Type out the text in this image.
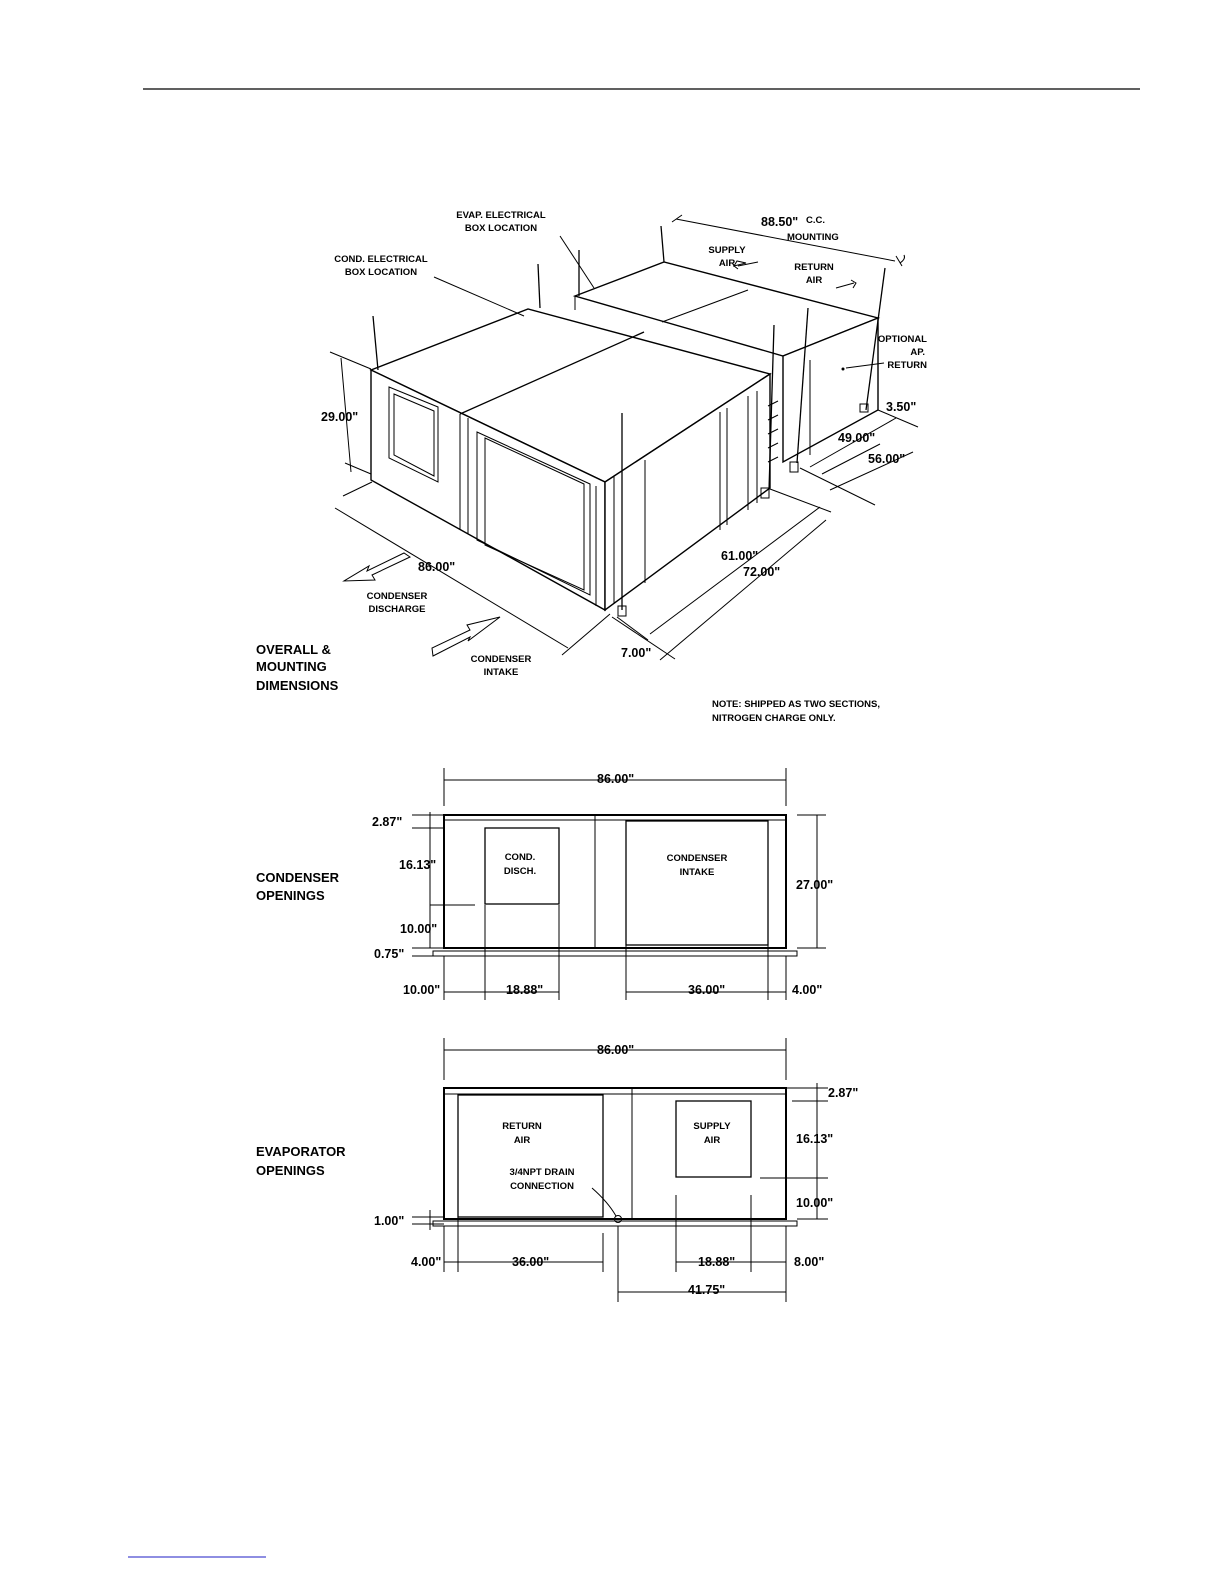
EVAP. ELECTRICAL BOX LOCATION
COND. ELECTRICAL BOX LOCATION
88.50" C.C. MOUNTING
SUPPLY AIR	RETURN AIR
OPTIONAL AP. RETURN
29.00"
86.00"
3.50"
49.00"
56.00"
61.00"
72.00"
7.00"
CONDENSER DISCHARGE
CONDENSER INTAKE
OVERALL & MOUNTING DIMENSIONS
NOTE: SHIPPED AS TWO SECTIONS, NITROGEN CHARGE ONLY.
CONDENSER OPENINGS
86.00"
COND. DISCH.
CONDENSER INTAKE
2.87"
16.13"
10.00"
0.75"
27.00"
10.00"	18.88"	36.00"	4.00"
EVAPORATOR OPENINGS
86.00"
RETURN AIR
SUPPLY AIR
3/4NPT DRAIN CONNECTION
1.00"
2.87"
16.13"
10.00"
4.00"	36.00"	18.88"	8.00"
41.75"
